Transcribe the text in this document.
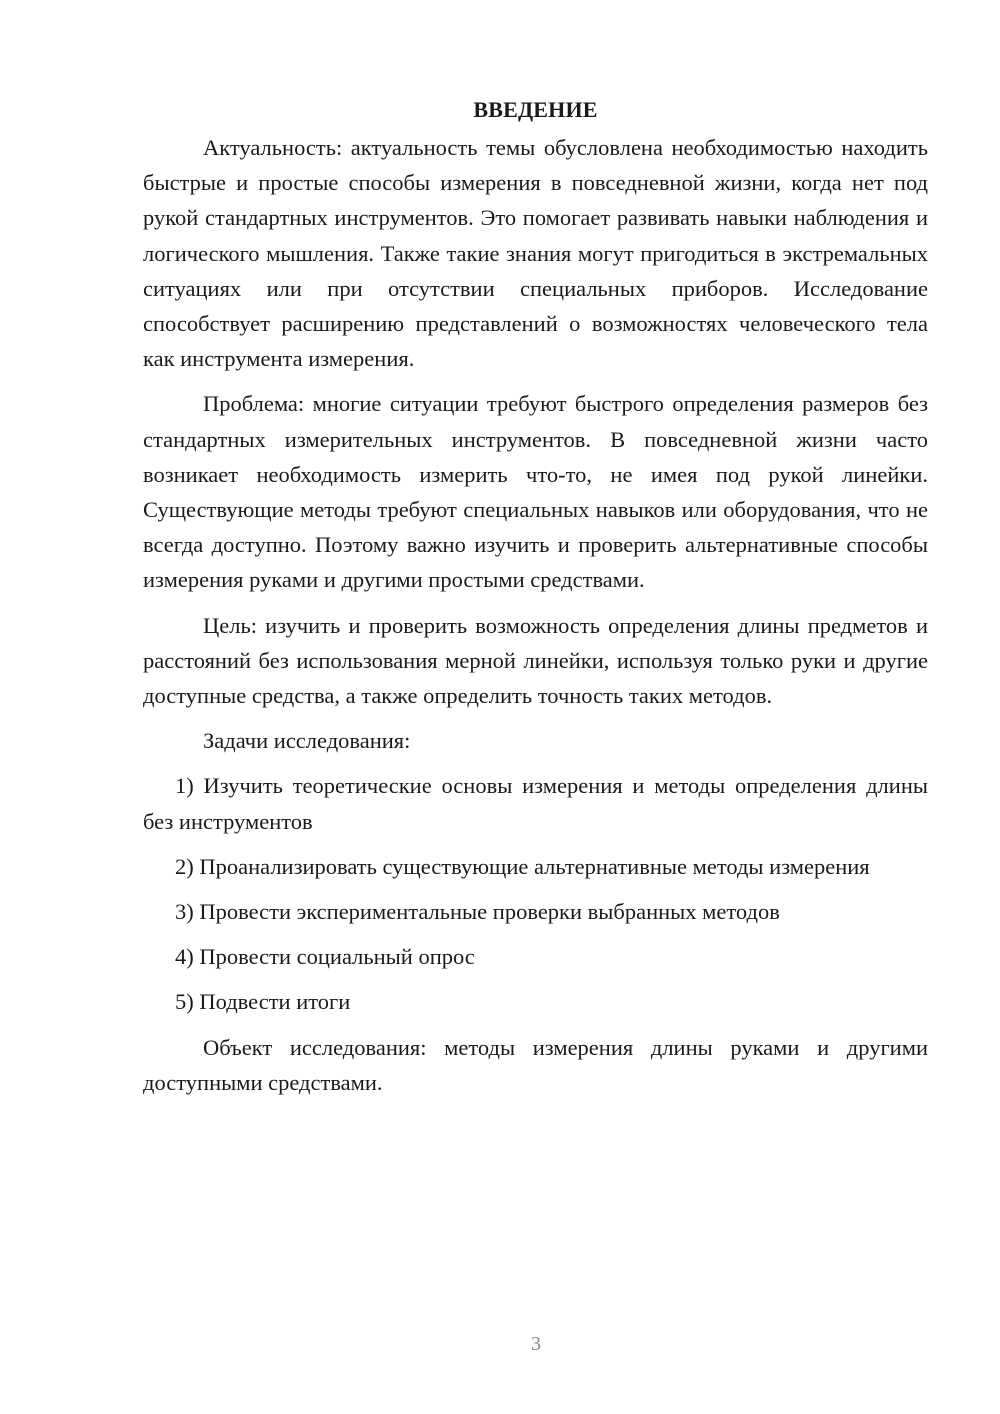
ВВЕДЕНИЕ

Актуальность: актуальность темы обусловлена необходимостью находить быстрые и простые способы измерения в повседневной жизни, когда нет под рукой стандартных инструментов. Это помогает развивать навыки наблюдения и логического мышления. Также такие знания могут пригодиться в экстремальных ситуациях или при отсутствии специальных приборов. Исследование способствует расширению представлений о возможностях человеческого тела как инструмента измерения.

Проблема: многие ситуации требуют быстрого определения размеров без стандартных измерительных инструментов. В повседневной жизни часто возникает необходимость измерить что-то, не имея под рукой линейки. Существующие методы требуют специальных навыков или оборудования, что не всегда доступно. Поэтому важно изучить и проверить альтернативные способы измерения руками и другими простыми средствами.

Цель: изучить и проверить возможность определения длины предметов и расстояний без использования мерной линейки, используя только руки и другие доступные средства, а также определить точность таких методов.

Задачи исследования:

1) Изучить теоретические основы измерения и методы определения длины без инструментов

2) Проанализировать существующие альтернативные методы измерения

3) Провести экспериментальные проверки выбранных методов

4) Провести социальный опрос

5) Подвести итоги

Объект исследования: методы измерения длины руками и другими доступными средствами.

3
